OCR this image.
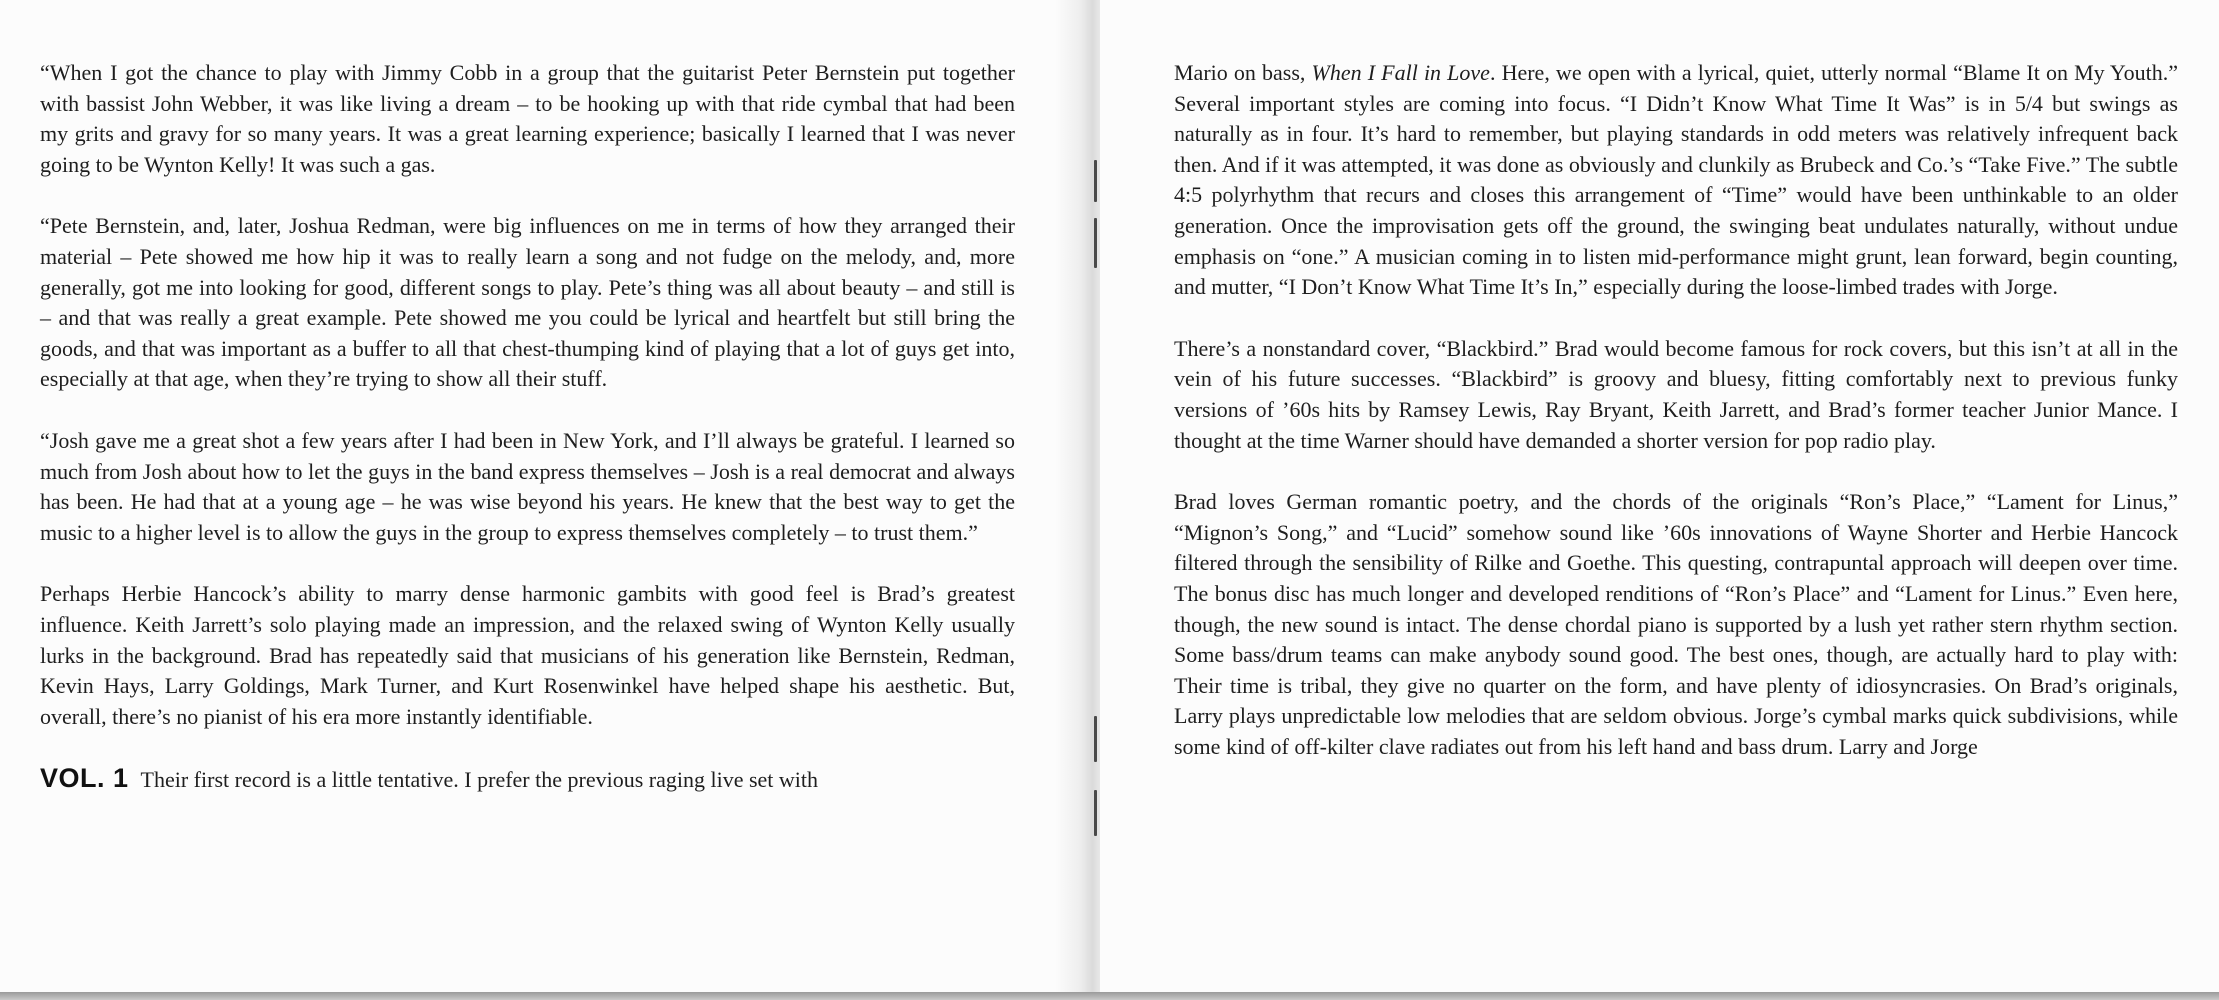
“When I got the chance to play with Jimmy Cobb in a group that the guitarist Peter Bernstein put together with bassist John Webber, it was like living a dream – to be hooking up with that ride cymbal that had been my grits and gravy for so many years. It was a great learning experience; basically I learned that I was never going to be Wynton Kelly! It was such a gas.

“Pete Bernstein, and, later, Joshua Redman, were big influences on me in terms of how they arranged their material – Pete showed me how hip it was to really learn a song and not fudge on the melody, and, more generally, got me into looking for good, different songs to play. Pete’s thing was all about beauty – and still is – and that was really a great example. Pete showed me you could be lyrical and heartfelt but still bring the goods, and that was important as a buffer to all that chest-thumping kind of playing that a lot of guys get into, especially at that age, when they’re trying to show all their stuff.

“Josh gave me a great shot a few years after I had been in New York, and I’ll always be grateful. I learned so much from Josh about how to let the guys in the band express themselves – Josh is a real democrat and always has been. He had that at a young age – he was wise beyond his years. He knew that the best way to get the music to a higher level is to allow the guys in the group to express themselves completely – to trust them.”

Perhaps Herbie Hancock’s ability to marry dense harmonic gambits with good feel is Brad’s greatest influence. Keith Jarrett’s solo playing made an impression, and the relaxed swing of Wynton Kelly usually lurks in the background. Brad has repeatedly said that musicians of his generation like Bernstein, Redman, Kevin Hays, Larry Goldings, Mark Turner, and Kurt Rosenwinkel have helped shape his aesthetic. But, overall, there’s no pianist of his era more instantly identifiable.

VOL. 1 Their first record is a little tentative. I prefer the previous raging live set with

Mario on bass, When I Fall in Love. Here, we open with a lyrical, quiet, utterly normal “Blame It on My Youth.” Several important styles are coming into focus. “I Didn’t Know What Time It Was” is in 5/4 but swings as naturally as in four. It’s hard to remember, but playing standards in odd meters was relatively infrequent back then. And if it was attempted, it was done as obviously and clunkily as Brubeck and Co.’s “Take Five.” The subtle 4:5 polyrhythm that recurs and closes this arrangement of “Time” would have been unthinkable to an older generation. Once the improvisation gets off the ground, the swinging beat undulates naturally, without undue emphasis on “one.” A musician coming in to listen mid-performance might grunt, lean forward, begin counting, and mutter, “I Don’t Know What Time It’s In,” especially during the loose-limbed trades with Jorge.

There’s a nonstandard cover, “Blackbird.” Brad would become famous for rock covers, but this isn’t at all in the vein of his future successes. “Blackbird” is groovy and bluesy, fitting comfortably next to previous funky versions of ’60s hits by Ramsey Lewis, Ray Bryant, Keith Jarrett, and Brad’s former teacher Junior Mance. I thought at the time Warner should have demanded a shorter version for pop radio play.

Brad loves German romantic poetry, and the chords of the originals “Ron’s Place,” “Lament for Linus,” “Mignon’s Song,” and “Lucid” somehow sound like ’60s innovations of Wayne Shorter and Herbie Hancock filtered through the sensibility of Rilke and Goethe. This questing, contrapuntal approach will deepen over time. The bonus disc has much longer and developed renditions of “Ron’s Place” and “Lament for Linus.” Even here, though, the new sound is intact. The dense chordal piano is supported by a lush yet rather stern rhythm section. Some bass/drum teams can make anybody sound good. The best ones, though, are actually hard to play with: Their time is tribal, they give no quarter on the form, and have plenty of idiosyncrasies. On Brad’s originals, Larry plays unpredictable low melodies that are seldom obvious. Jorge’s cymbal marks quick subdivisions, while some kind of off-kilter clave radiates out from his left hand and bass drum. Larry and Jorge
